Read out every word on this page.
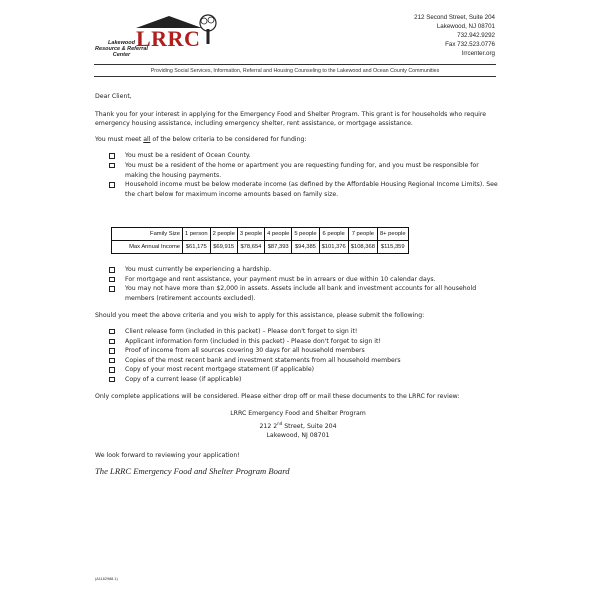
LRRC
Lakewood
Resource & Referral
Center
212 Second Street, Suite 204
Lakewood, NJ 08701
732.942.9292
Fax 732.523.0776
lrrcenter.org
Providing Social Services, Information, Referral and Housing Counseling to the Lakewood and Ocean County Communities

Dear Client,

Thank you for your interest in applying for the Emergency Food and Shelter Program. This grant is for households who require emergency housing assistance, including emergency shelter, rent assistance, or mortgage assistance.

You must meet all of the below criteria to be considered for funding:

You must be a resident of Ocean County.
You must be a resident of the home or apartment you are requesting funding for, and you must be responsible for making the housing payments.
Household income must be below moderate income (as defined by the Affordable Housing Regional Income Limits). See the chart below for maximum income amounts based on family size.
Family Size	1 person	2 people	3 people	4 people	5 people	6 people	7 people	8+ people
Max Annual Income	$61,175	$69,915	$78,654	$87,393	$94,385	$101,376	$108,368	$115,359
You must currently be experiencing a hardship.
For mortgage and rent assistance, your payment must be in arrears or due within 10 calendar days.
You may not have more than $2,000 in assets. Assets include all bank and investment accounts for all household members (retirement accounts excluded).

Should you meet the above criteria and you wish to apply for this assistance, please submit the following:

Client release form (included in this packet) – Please don't forget to sign it!
Applicant information form (included in this packet) - Please don't forget to sign it!
Proof of income from all sources covering 30 days for all household members
Copies of the most recent bank and investment statements from all household members
Copy of your most recent mortgage statement (if applicable)
Copy of a current lease (if applicable)

Only complete applications will be considered. Please either drop off or mail these documents to the LRRC for review:

LRRC Emergency Food and Shelter Program
212 2nd Street, Suite 204
Lakewood, NJ 08701

We look forward to reviewing your application!

The LRRC Emergency Food and Shelter Program Board

(A1162988.1)
